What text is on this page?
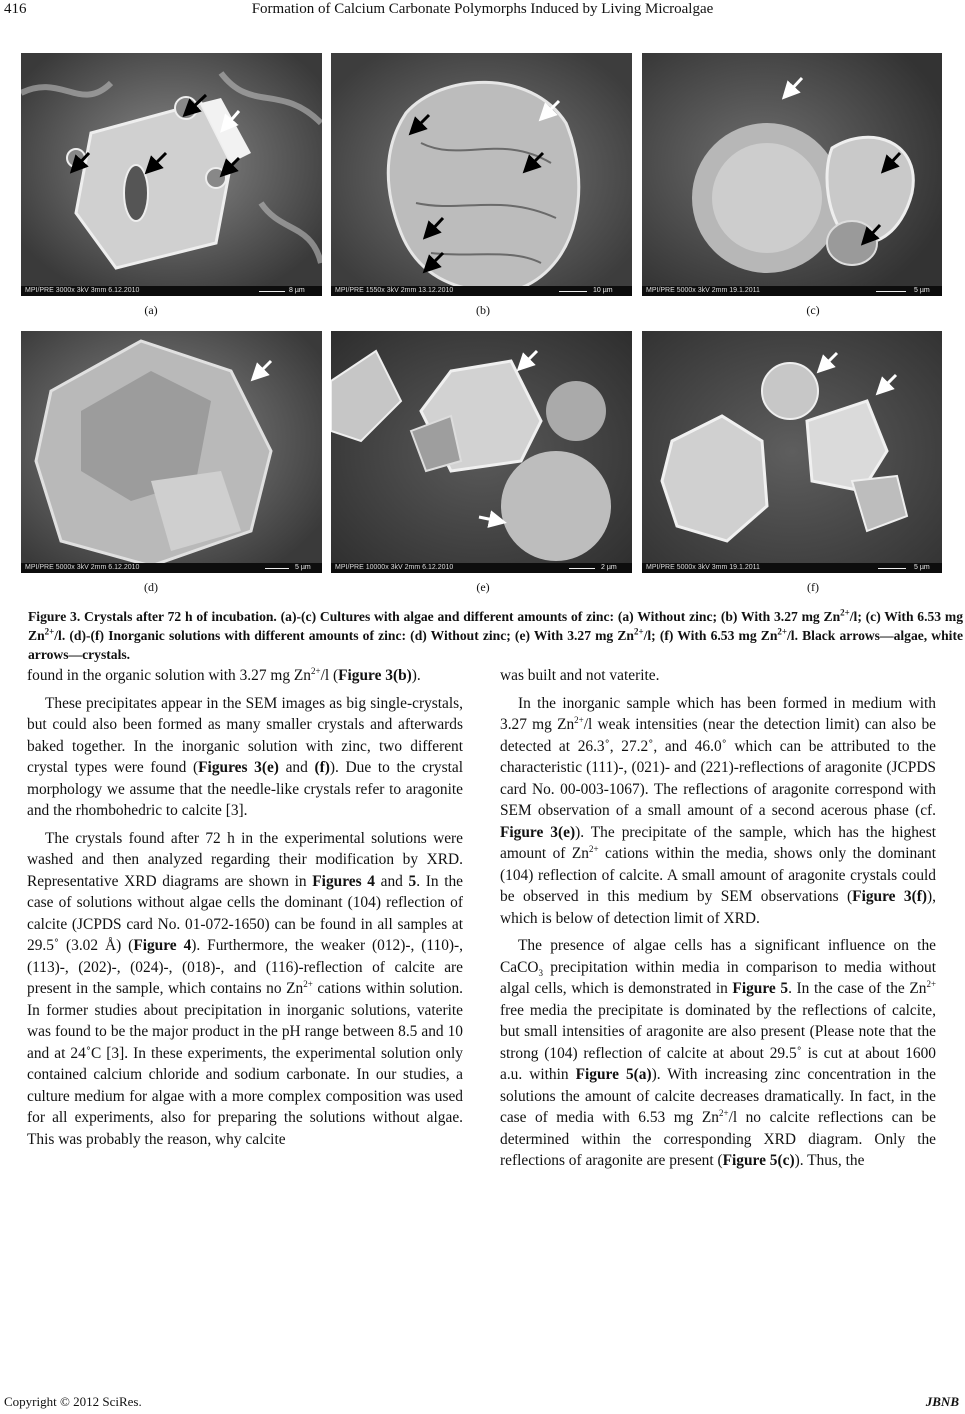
416	Formation of Calcium Carbonate Polymorphs Induced by Living Microalgae
MPI/PRE 3000x 3kV 3mm 6.12.2010	8 µm	MPI/PRE 1550x 3kV 2mm 13.12.2010	10 µm	MPI/PRE 5000x 3kV 2mm 19.1.2011	5 µm
(a)	(b)	(c)
MPI/PRE 5000x 3kV 2mm 6.12.2010	5 µm	MPI/PRE 10000x 3kV 2mm 6.12.2010	2 µm	MPI/PRE 5000x 3kV 3mm 19.1.2011	5 µm
(d)	(e)	(f)
Figure 3. Crystals after 72 h of incubation. (a)-(c) Cultures with algae and different amounts of zinc: (a) Without zinc; (b) With 3.27 mg $Zn^{2+}/l$; (c) With 6.53 mg $Zn^{2+}/l$. (d)-(f) Inorganic solutions with different amounts of zinc: (d) Without zinc; (e) With 3.27 mg $Zn^{2+}/l$; (f) With 6.53 mg $Zn^{2+}/l$. Black arrows—algae, white arrows—crystals.

found in the organic solution with 3.27 mg $Zn^{2+}/l$ (Figure 3(b)).

These precipitates appear in the SEM images as big single-crystals, but could also been formed as many smaller crystals and afterwards baked together. In the inorganic solution with zinc, two different crystal types were found (Figures 3(e) and (f)). Due to the crystal morphology we assume that the needle-like crystals refer to aragonite and the rhombohedric to calcite [3].

The crystals found after 72 h in the experimental solutions were washed and then analyzed regarding their modification by XRD. Representative XRD diagrams are shown in Figures 4 and 5. In the case of solutions without algae cells the dominant (104) reflection of calcite (JCPDS card No. 01-072-1650) can be found in all samples at 29.5˚ (3.02 Å) (Figure 4). Furthermore, the weaker (012)-, (110)-, (113)-, (202)-, (024)-, (018)-, and (116)-reflection of calcite are present in the sample, which contains no $Zn^{2+}$ cations within solution. In former studies about precipitation in inorganic solutions, vaterite was found to be the major product in the pH range between 8.5 and 10 and at 24˚C [3]. In these experiments, the experimental solution only contained calcium chloride and sodium carbonate. In our studies, a culture medium for algae with a more complex composition was used for all experiments, also for preparing the solutions without algae. This was probably the reason, why calcite

was built and not vaterite.

In the inorganic sample which has been formed in medium with 3.27 mg $Zn^{2+}/l$ weak intensities (near the detection limit) can also be detected at 26.3˚, 27.2˚, and 46.0˚ which can be attributed to the characteristic (111)-, (021)- and (221)-reflections of aragonite (JCPDS card No. 00-003-1067). The reflections of aragonite correspond with SEM observation of a small amount of a second acerous phase (cf. Figure 3(e)). The precipitate of the sample, which has the highest amount of $Zn^{2+}$ cations within the media, shows only the dominant (104) reflection of calcite. A small amount of aragonite crystals could be observed in this medium by SEM observations (Figure 3(f)), which is below of detection limit of XRD.

The presence of algae cells has a significant influence on the CaCO$_3$ precipitation within media in comparison to media without algal cells, which is demonstrated in Figure 5. In the case of the $Zn^{2+}$ free media the precipitate is dominated by the reflections of calcite, but small intensities of aragonite are also present (Please note that the strong (104) reflection of calcite at about 29.5˚ is cut at about 1600 a.u. within Figure 5(a)). With increasing zinc concentration in the solutions the amount of calcite decreases dramatically. In fact, in the case of media with 6.53 mg $Zn^{2+}/l$ no calcite reflections can be determined within the corresponding XRD diagram. Only the reflections of aragonite are present (Figure 5(c)). Thus, the

Copyright © 2012 SciRes.	JBNB
